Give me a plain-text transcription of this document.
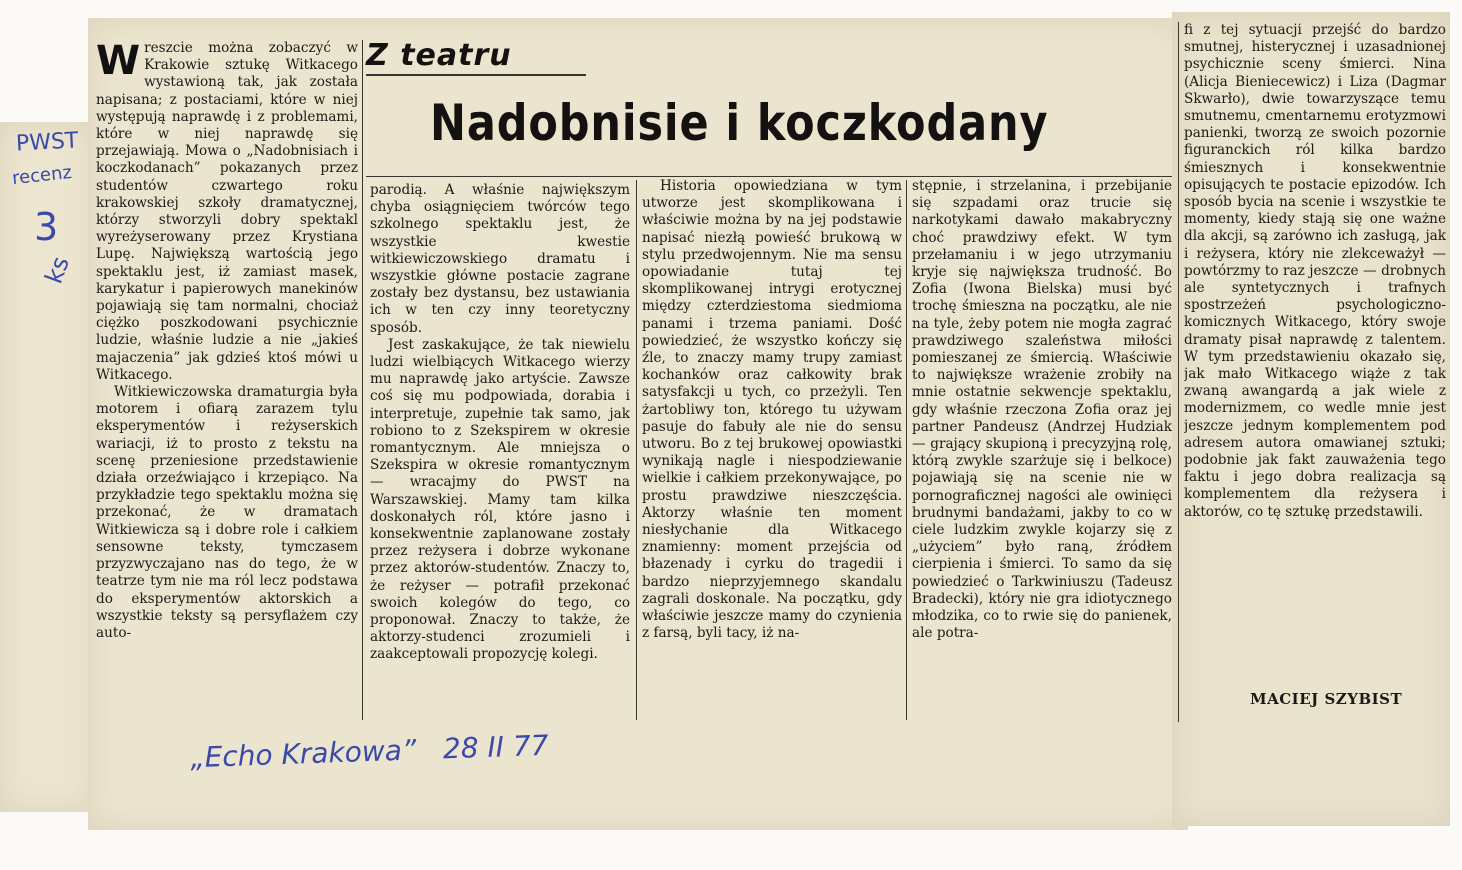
PWST
recenz
3
ks
„Echo Krakowa” 28 II 77
Z teatru
Nadobnisie i koczkodany

Wreszcie można zobaczyć w Krakowie sztukę Witkacego wystawioną tak, jak została napisana; z postaciami, które w niej występują naprawdę i z problemami, które w niej naprawdę się przejawiają. Mowa o „Nadobnisiach i koczkodanach” pokazanych przez studentów czwartego roku krakowskiej szkoły dramatycznej, którzy stworzyli dobry spektakl wyreżyserowany przez Krystiana Lupę. Największą wartością jego spektaklu jest, iż zamiast masek, karykatur i papierowych manekinów pojawiają się tam normalni, chociaż ciężko poszkodowani psychicznie ludzie, właśnie ludzie a nie „jakieś majaczenia” jak gdzieś ktoś mówi u Witkacego.

Witkiewiczowska dramaturgia była motorem i ofiarą zarazem tylu eksperymentów i reżyserskich wariacji, iż to prosto z tekstu na scenę przeniesione przedstawienie działa orzeźwiająco i krzepiąco. Na przykładzie tego spektaklu można się przekonać, że w dramatach Witkiewicza są i dobre role i całkiem sensowne teksty, tymczasem przyzwyczajano nas do tego, że w teatrze tym nie ma ról lecz podstawa do eksperymentów aktorskich a wszystkie teksty są persyflażem czy auto-

parodią. A właśnie największym chyba osiągnięciem twórców tego szkolnego spektaklu jest, że wszystkie kwestie witkiewiczowskiego dramatu i wszystkie główne postacie zagrane zostały bez dystansu, bez ustawiania ich w ten czy inny teoretyczny sposób.

Jest zaskakujące, że tak niewielu ludzi wielbiących Witkacego wierzy mu naprawdę jako artyście. Zawsze coś się mu podpowiada, dorabia i interpretuje, zupełnie tak samo, jak robiono to z Szekspirem w okresie romantycznym. Ale mniejsza o Szekspira w okresie romantycznym — wracajmy do PWST na Warszawskiej. Mamy tam kilka doskonałych ról, które jasno i konsekwentnie zaplanowane zostały przez reżysera i dobrze wykonane przez aktorów-studentów. Znaczy to, że reżyser — potrafił przekonać swoich kolegów do tego, co proponował. Znaczy to także, że aktorzy-studenci zrozumieli i zaakceptowali propozycję kolegi.

Historia opowiedziana w tym utworze jest skomplikowana i właściwie można by na jej podstawie napisać niezłą powieść brukową w stylu przedwojennym. Nie ma sensu opowiadanie tutaj tej skomplikowanej intrygi erotycznej między czterdziestoma siedmioma panami i trzema paniami. Dość powiedzieć, że wszystko kończy się źle, to znaczy mamy trupy zamiast kochanków oraz całkowity brak satysfakcji u tych, co przeżyli. Ten żartobliwy ton, którego tu używam pasuje do fabuły ale nie do sensu utworu. Bo z tej brukowej opowiastki wynikają nagle i niespodziewanie wielkie i całkiem przekonywające, po prostu prawdziwe nieszczęścia. Aktorzy właśnie ten moment niesłychanie dla Witkacego znamienny: moment przejścia od błazenady i cyrku do tragedii i bardzo nieprzyjemnego skandalu zagrali doskonale. Na początku, gdy właściwie jeszcze mamy do czynienia z farsą, byli tacy, iż na-

stępnie, i strzelanina, i przebijanie się szpadami oraz trucie się narkotykami dawało makabryczny choć prawdziwy efekt. W tym przełamaniu i w jego utrzymaniu kryje się największa trudność. Bo Zofia (Iwona Bielska) musi być trochę śmieszna na początku, ale nie na tyle, żeby potem nie mogła zagrać prawdziwego szaleństwa miłości pomieszanej ze śmiercią. Właściwie to największe wrażenie zrobiły na mnie ostatnie sekwencje spektaklu, gdy właśnie rzeczona Zofia oraz jej partner Pandeusz (Andrzej Hudziak — grający skupioną i precyzyjną rolę, którą zwykle szarżuje się i belkoce) pojawiają się na scenie nie w pornograficznej nagości ale owinięci brudnymi bandażami, jakby to co w ciele ludzkim zwykle kojarzy się z „użyciem” było raną, źródłem cierpienia i śmierci. To samo da się powiedzieć o Tarkwiniuszu (Tadeusz Bradecki), który nie gra idiotycznego młodzika, co to rwie się do panienek, ale potra-

fi z tej sytuacji przejść do bardzo smutnej, histerycznej i uzasadnionej psychicznie sceny śmierci. Nina (Alicja Bieniecewicz) i Liza (Dagmar Skwarło), dwie towarzyszące temu smutnemu, cmentarnemu erotyzmowi panienki, tworzą ze swoich pozornie figuranckich ról kilka bardzo śmiesznych i konsekwentnie opisujących te postacie epizodów. Ich sposób bycia na scenie i wszystkie te momenty, kiedy stają się one ważne dla akcji, są zarówno ich zasługą, jak i reżysera, który nie zlekceważył — powtórzmy to raz jeszcze — drobnych ale syntetycznych i trafnych spostrzeżeń psychologiczno-komicznych Witkacego, który swoje dramaty pisał naprawdę z talentem. W tym przedstawieniu okazało się, jak mało Witkacego wiąże z tak zwaną awangardą a jak wiele z modernizmem, co wedle mnie jest jeszcze jednym komplementem pod adresem autora omawianej sztuki; podobnie jak fakt zauważenia tego faktu i jego dobra realizacja są komplementem dla reżysera i aktorów, co tę sztukę przedstawili.

MACIEJ SZYBIST
